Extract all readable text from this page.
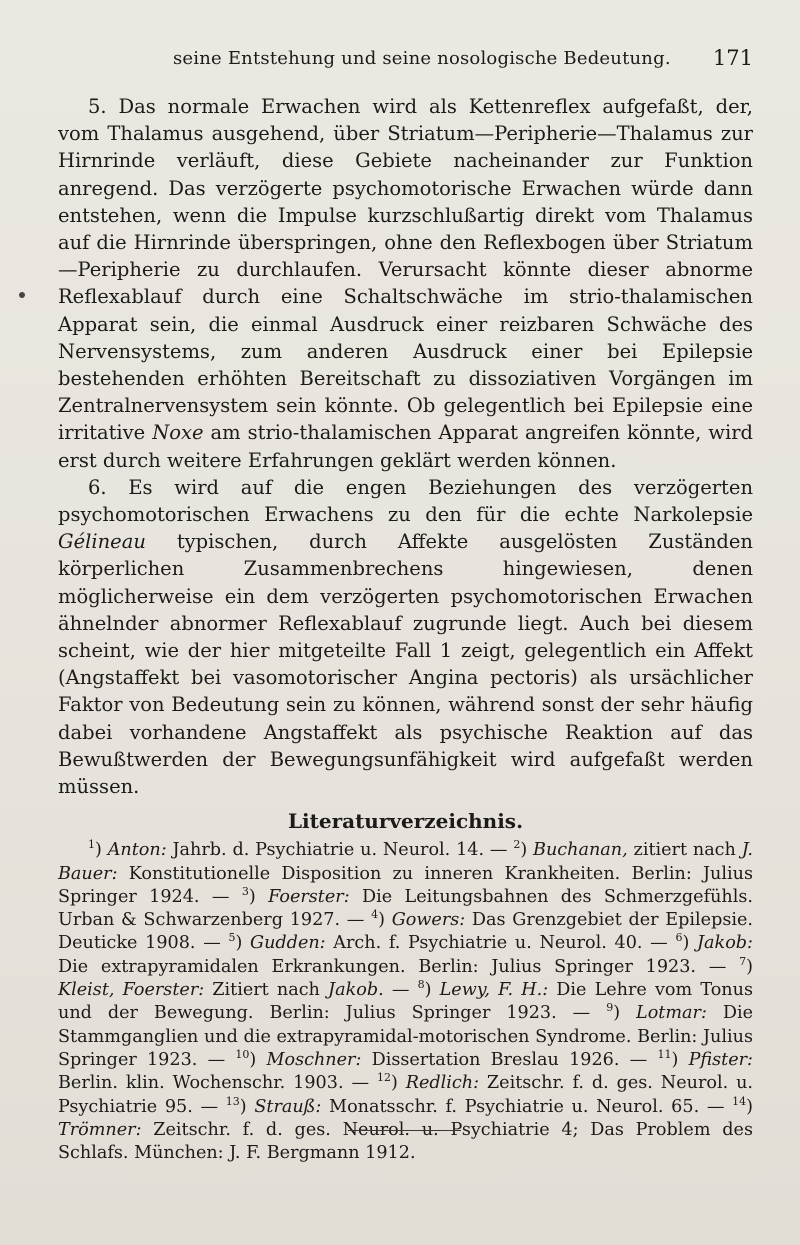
seine Entstehung und seine nosologische Bedeutung. 171

5. Das normale Erwachen wird als Kettenreflex aufgefaßt, der, vom Thalamus ausgehend, über Striatum—Peripherie—Thalamus zur Hirnrinde verläuft, diese Gebiete nacheinander zur Funktion anregend. Das verzögerte psychomotorische Erwachen würde dann entstehen, wenn die Impulse kurzschlußartig direkt vom Thalamus auf die Hirnrinde überspringen, ohne den Reflexbogen über Striatum—Peripherie zu durchlaufen. Verursacht könnte dieser abnorme Reflexablauf durch eine Schaltschwäche im strio-thalamischen Apparat sein, die einmal Ausdruck einer reizbaren Schwäche des Nervensystems, zum anderen Ausdruck einer bei Epilepsie bestehenden erhöhten Bereitschaft zu dissoziativen Vorgängen im Zentralnervensystem sein könnte. Ob gelegentlich bei Epilepsie eine irritative Noxe am strio-thalamischen Apparat angreifen könnte, wird erst durch weitere Erfahrungen geklärt werden können.

6. Es wird auf die engen Beziehungen des verzögerten psychomotorischen Erwachens zu den für die echte Narkolepsie Gélineau typischen, durch Affekte ausgelösten Zuständen körperlichen Zusammenbrechens hingewiesen, denen möglicherweise ein dem verzögerten psychomotorischen Erwachen ähnelnder abnormer Reflexablauf zugrunde liegt. Auch bei diesem scheint, wie der hier mitgeteilte Fall 1 zeigt, gelegentlich ein Affekt (Angstaffekt bei vasomotorischer Angina pectoris) als ursächlicher Faktor von Bedeutung sein zu können, während sonst der sehr häufig dabei vorhandene Angstaffekt als psychische Reaktion auf das Bewußtwerden der Bewegungsunfähigkeit wird aufgefaßt werden müssen.

Literaturverzeichnis.

$^1$) Anton: Jahrb. d. Psychiatrie u. Neurol. 14. — $^2$) Buchanan, zitiert nach J. Bauer: Konstitutionelle Disposition zu inneren Krankheiten. Berlin: Julius Springer 1924. — $^3$) Foerster: Die Leitungsbahnen des Schmerzgefühls. Urban & Schwarzenberg 1927. — $^4$) Gowers: Das Grenzgebiet der Epilepsie. Deuticke 1908. — $^5$) Gudden: Arch. f. Psychiatrie u. Neurol. 40. — $^6$) Jakob: Die extrapyramidalen Erkrankungen. Berlin: Julius Springer 1923. — $^7$) Kleist, Foerster: Zitiert nach Jakob. — $^8$) Lewy, F. H.: Die Lehre vom Tonus und der Bewegung. Berlin: Julius Springer 1923. — $^9$) Lotmar: Die Stammganglien und die extrapyramidal-motorischen Syndrome. Berlin: Julius Springer 1923. — $^{10}$) Moschner: Dissertation Breslau 1926. — $^{11}$) Pfister: Berlin. klin. Wochenschr. 1903. — $^{12}$) Redlich: Zeitschr. f. d. ges. Neurol. u. Psychiatrie 95. — $^{13}$) Strauß: Monatsschr. f. Psychiatrie u. Neurol. 65. — $^{14}$) Trömner: Zeitschr. f. d. ges. Neurol. u. Psychiatrie 4; Das Problem des Schlafs. München: J. F. Bergmann 1912.
